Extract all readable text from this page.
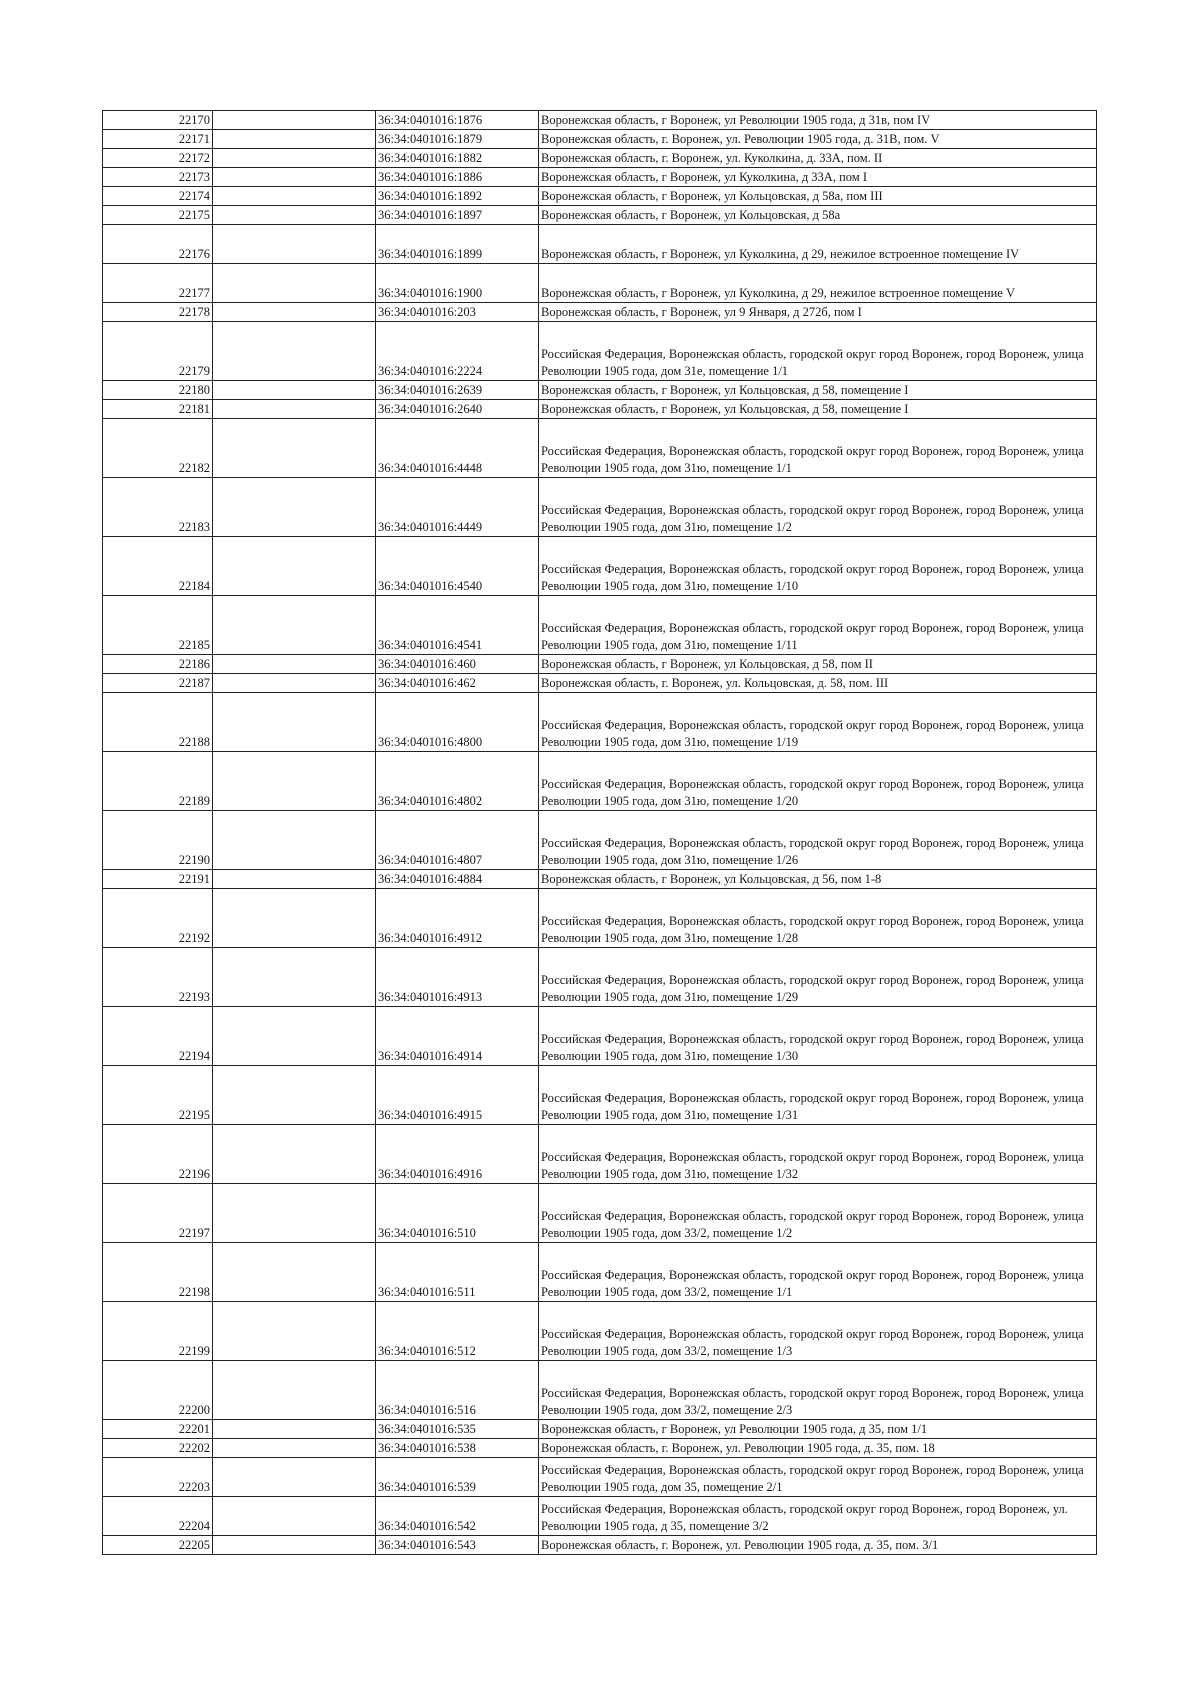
22170		36:34:0401016:1876	Воронежская область, г Воронеж, ул Революции 1905 года, д 31в, пом IV
22171		36:34:0401016:1879	Воронежская область, г. Воронеж, ул. Революции 1905 года, д. 31В, пом. V
22172		36:34:0401016:1882	Воронежская область, г. Воронеж, ул. Куколкина, д. 33А, пом. II
22173		36:34:0401016:1886	Воронежская область, г Воронеж, ул Куколкина, д 33А, пом I
22174		36:34:0401016:1892	Воронежская область, г Воронеж, ул Кольцовская, д 58а, пом III
22175		36:34:0401016:1897	Воронежская область, г Воронеж, ул Кольцовская, д 58а
22176		36:34:0401016:1899	Воронежская область, г Воронеж, ул Куколкина, д 29, нежилое встроенное помещение IV
22177		36:34:0401016:1900	Воронежская область, г Воронеж, ул Куколкина, д 29, нежилое встроенное помещение V
22178		36:34:0401016:203	Воронежская область, г Воронеж, ул 9 Января, д 272б, пом I
22179		36:34:0401016:2224	Российская Федерация, Воронежская область, городской округ город Воронеж, город Воронеж, улица Революции 1905 года, дом 31е, помещение 1/1
22180		36:34:0401016:2639	Воронежская область, г Воронеж, ул Кольцовская, д 58, помещение I
22181		36:34:0401016:2640	Воронежская область, г Воронеж, ул Кольцовская, д 58, помещение I
22182		36:34:0401016:4448	Российская Федерация, Воронежская область, городской округ город Воронеж, город Воронеж, улица Революции 1905 года, дом 31ю, помещение 1/1
22183		36:34:0401016:4449	Российская Федерация, Воронежская область, городской округ город Воронеж, город Воронеж, улица Революции 1905 года, дом 31ю, помещение 1/2
22184		36:34:0401016:4540	Российская Федерация, Воронежская область, городской округ город Воронеж, город Воронеж, улица Революции 1905 года, дом 31ю, помещение 1/10
22185		36:34:0401016:4541	Российская Федерация, Воронежская область, городской округ город Воронеж, город Воронеж, улица Революции 1905 года, дом 31ю, помещение 1/11
22186		36:34:0401016:460	Воронежская область, г Воронеж, ул Кольцовская, д 58, пом II
22187		36:34:0401016:462	Воронежская область, г. Воронеж, ул. Кольцовская, д. 58, пом. III
22188		36:34:0401016:4800	Российская Федерация, Воронежская область, городской округ город Воронеж, город Воронеж, улица Революции 1905 года, дом 31ю, помещение 1/19
22189		36:34:0401016:4802	Российская Федерация, Воронежская область, городской округ город Воронеж, город Воронеж, улица Революции 1905 года, дом 31ю, помещение 1/20
22190		36:34:0401016:4807	Российская Федерация, Воронежская область, городской округ город Воронеж, город Воронеж, улица Революции 1905 года, дом 31ю, помещение 1/26
22191		36:34:0401016:4884	Воронежская область, г Воронеж, ул Кольцовская, д 56, пом 1-8
22192		36:34:0401016:4912	Российская Федерация, Воронежская область, городской округ город Воронеж, город Воронеж, улица Революции 1905 года, дом 31ю, помещение 1/28
22193		36:34:0401016:4913	Российская Федерация, Воронежская область, городской округ город Воронеж, город Воронеж, улица Революции 1905 года, дом 31ю, помещение 1/29
22194		36:34:0401016:4914	Российская Федерация, Воронежская область, городской округ город Воронеж, город Воронеж, улица Революции 1905 года, дом 31ю, помещение 1/30
22195		36:34:0401016:4915	Российская Федерация, Воронежская область, городской округ город Воронеж, город Воронеж, улица Революции 1905 года, дом 31ю, помещение 1/31
22196		36:34:0401016:4916	Российская Федерация, Воронежская область, городской округ город Воронеж, город Воронеж, улица Революции 1905 года, дом 31ю, помещение 1/32
22197		36:34:0401016:510	Российская Федерация, Воронежская область, городской округ город Воронеж, город Воронеж, улица Революции 1905 года, дом 33/2, помещение 1/2
22198		36:34:0401016:511	Российская Федерация, Воронежская область, городской округ город Воронеж, город Воронеж, улица Революции 1905 года, дом 33/2, помещение 1/1
22199		36:34:0401016:512	Российская Федерация, Воронежская область, городской округ город Воронеж, город Воронеж, улица Революции 1905 года, дом 33/2, помещение 1/3
22200		36:34:0401016:516	Российская Федерация, Воронежская область, городской округ город Воронеж, город Воронеж, улица Революции 1905 года, дом 33/2, помещение 2/3
22201		36:34:0401016:535	Воронежская область, г Воронеж, ул Революции 1905 года, д 35, пом 1/1
22202		36:34:0401016:538	Воронежская область, г. Воронеж, ул. Революции 1905 года, д. 35, пом. 18
22203		36:34:0401016:539	Российская Федерация, Воронежская область, городской округ город Воронеж, город Воронеж, улица Революции 1905 года, дом 35, помещение 2/1
22204		36:34:0401016:542	Российская Федерация, Воронежская область, городской округ город Воронеж, город Воронеж, ул. Революции 1905 года, д 35, помещение 3/2
22205		36:34:0401016:543	Воронежская область, г. Воронеж, ул. Революции 1905 года, д. 35, пом. 3/1
